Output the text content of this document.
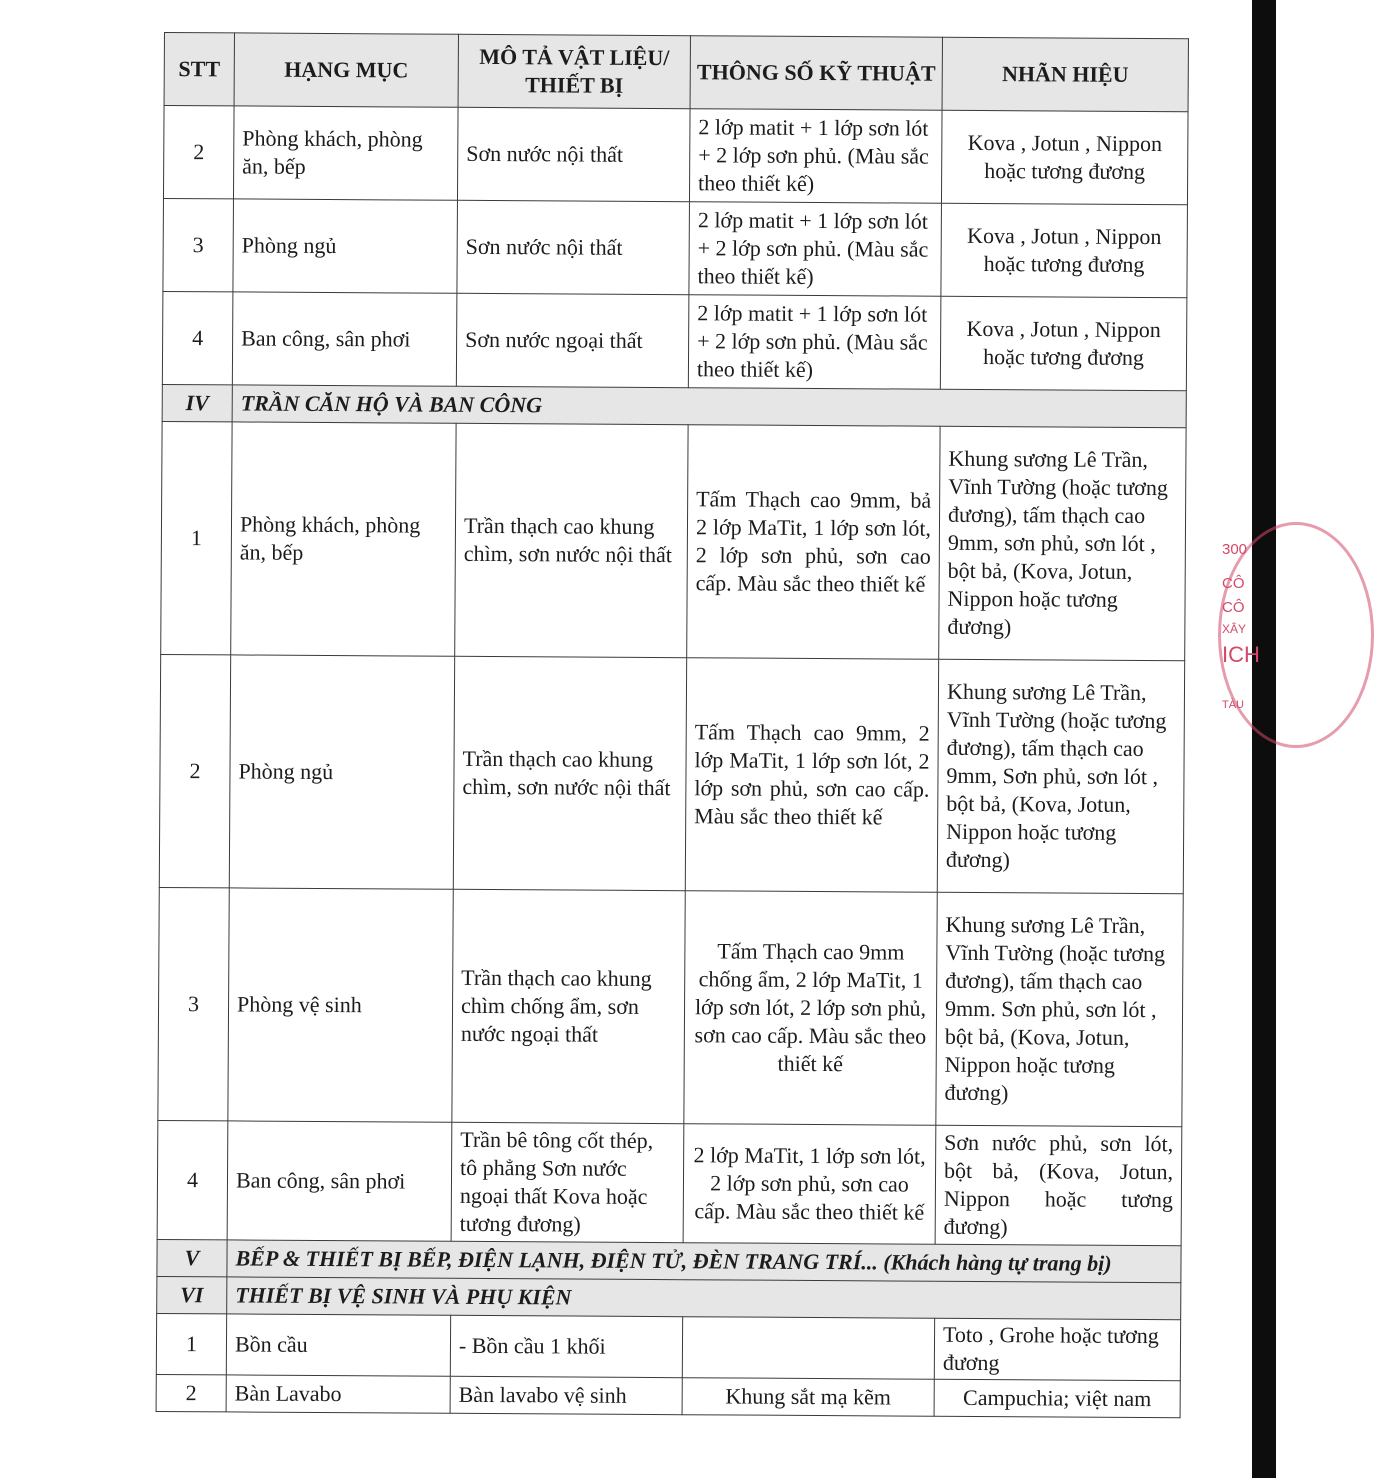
300
CÔ
CÔ
XÂY
ICH
TÀU
STT	HẠNG MỤC	MÔ TẢ VẬT LIỆU/ THIẾT BỊ	THÔNG SỐ KỸ THUẬT	NHÃN HIỆU
2	Phòng khách, phòng ăn, bếp	Sơn nước nội thất	2 lớp matit + 1 lớp sơn lót + 2 lớp sơn phủ. (Màu sắc theo thiết kế)	Kova , Jotun , Nippon hoặc tương đương
3	Phòng ngủ	Sơn nước nội thất	2 lớp matit + 1 lớp sơn lót + 2 lớp sơn phủ. (Màu sắc theo thiết kế)	Kova , Jotun , Nippon hoặc tương đương
4	Ban công, sân phơi	Sơn nước ngoại thất	2 lớp matit + 1 lớp sơn lót + 2 lớp sơn phủ. (Màu sắc theo thiết kế)	Kova , Jotun , Nippon hoặc tương đương
IV	TRẦN CĂN HỘ VÀ BAN CÔNG			
1	Phòng khách, phòng ăn, bếp	Trần thạch cao khung chìm, sơn nước nội thất	Tấm Thạch cao 9mm, bả 2 lớp MaTit, 1 lớp sơn lót, 2 lớp sơn phủ, sơn cao cấp. Màu sắc theo thiết kế	Khung sương Lê Trần, Vĩnh Tường (hoặc tương đương), tấm thạch cao 9mm, sơn phủ, sơn lót , bột bả, (Kova, Jotun, Nippon hoặc tương đương)
2	Phòng ngủ	Trần thạch cao khung chìm, sơn nước nội thất	Tấm Thạch cao 9mm, 2 lớp MaTit, 1 lớp sơn lót, 2 lớp sơn phủ, sơn cao cấp. Màu sắc theo thiết kế	Khung sương Lê Trần, Vĩnh Tường (hoặc tương đương), tấm thạch cao 9mm, Sơn phủ, sơn lót , bột bả, (Kova, Jotun, Nippon hoặc tương đương)
3	Phòng vệ sinh	Trần thạch cao khung chìm chống ẩm, sơn nước ngoại thất	Tấm Thạch cao 9mm chống ẩm, 2 lớp MaTit, 1 lớp sơn lót, 2 lớp sơn phủ, sơn cao cấp. Màu sắc theo thiết kế	Khung sương Lê Trần, Vĩnh Tường (hoặc tương đương), tấm thạch cao 9mm. Sơn phủ, sơn lót , bột bả, (Kova, Jotun, Nippon hoặc tương đương)
4	Ban công, sân phơi	Trần bê tông cốt thép, tô phẳng Sơn nước ngoại thất Kova hoặc tương đương)	2 lớp MaTit, 1 lớp sơn lót, 2 lớp sơn phủ, sơn cao cấp. Màu sắc theo thiết kế	Sơn nước phủ, sơn lót, bột bả, (Kova, Jotun, Nippon hoặc tương đương)
V	BẾP & THIẾT BỊ BẾP, ĐIỆN LẠNH, ĐIỆN TỬ, ĐÈN TRANG TRÍ... (Khách hàng tự trang bị)			
VI	THIẾT BỊ VỆ SINH VÀ PHỤ KIỆN			
1	Bồn cầu	- Bồn cầu 1 khối		Toto , Grohe hoặc tương đương
2	Bàn Lavabo	Bàn lavabo vệ sinh	Khung sắt mạ kẽm	Campuchia; việt nam
